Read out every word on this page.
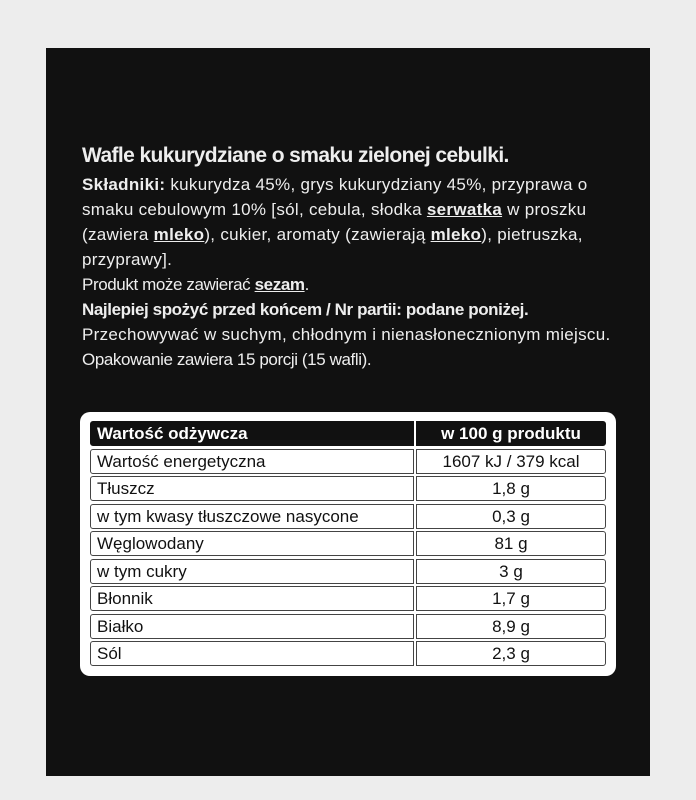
Wafle kukurydziane o smaku zielonej cebulki.

Składniki: kukurydza 45%, grys kukurydziany 45%, przyprawa o smaku cebulowym 10% [sól, cebula, słodka serwatka w proszku (zawiera mleko), cukier, aromaty (zawierają mleko), pietruszka, przyprawy].

Produkt może zawierać sezam.

Najlepiej spożyć przed końcem / Nr partii: podane poniżej.

Przechowywać w suchym, chłodnym i nienasłonecznionym miejscu.

Opakowanie zawiera 15 porcji (15 wafli).

Wartość odżywcza	w 100 g produktu
Wartość energetyczna	1607 kJ / 379 kcal
Tłuszcz	1,8 g
w tym kwasy tłuszczowe nasycone	0,3 g
Węglowodany	81 g
w tym cukry	3 g
Błonnik	1,7 g
Białko	8,9 g
Sól	2,3 g
